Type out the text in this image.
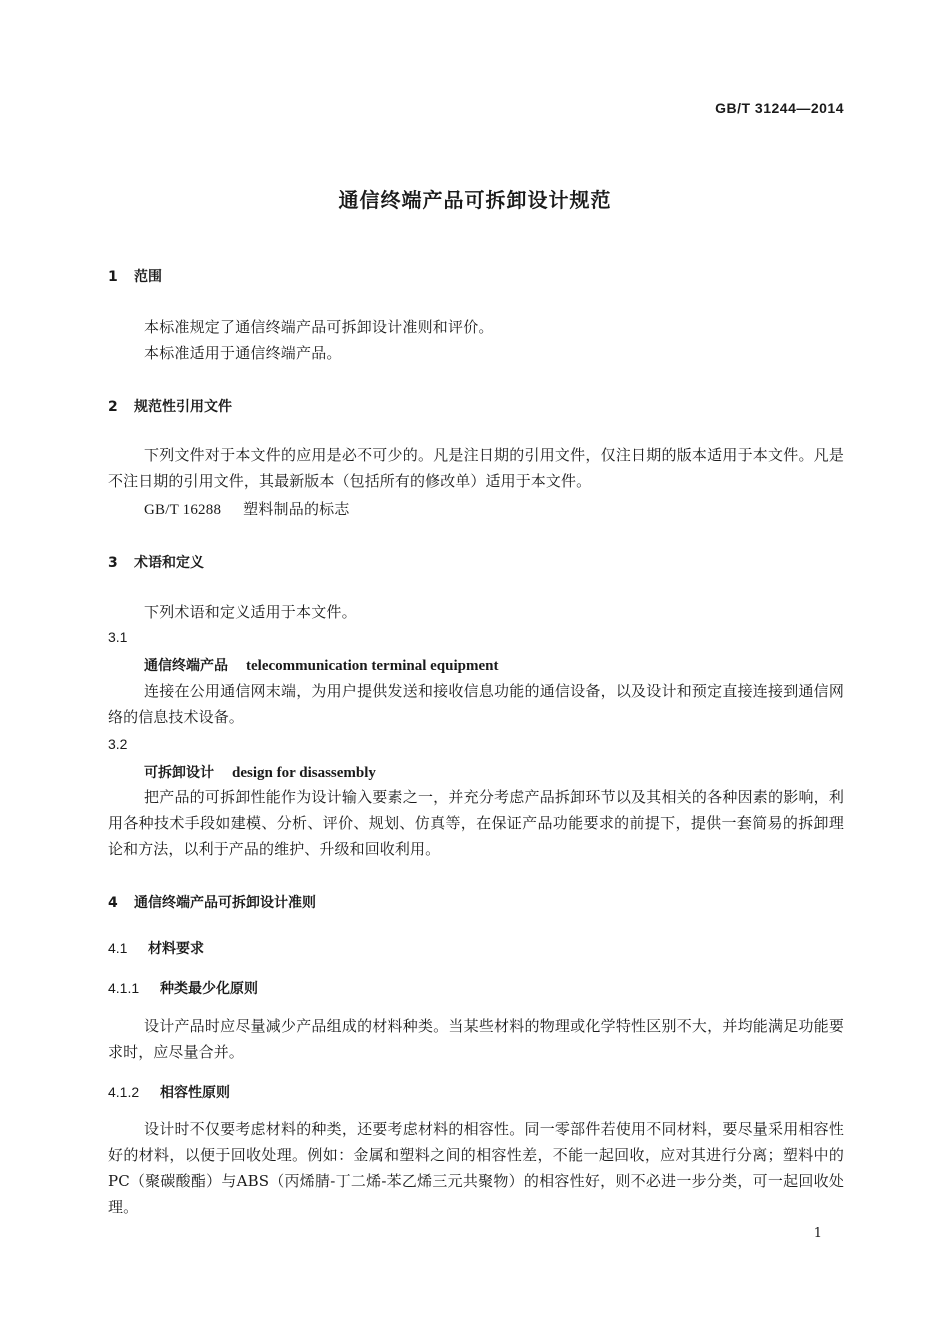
GB/T 31244—2014
通信终端产品可拆卸设计规范
1 范围
本标准规定了通信终端产品可拆卸设计准则和评价。
本标准适用于通信终端产品。
2 规范性引用文件
下列文件对于本文件的应用是必不可少的。凡是注日期的引用文件，仅注日期的版本适用于本文件。凡是不注日期的引用文件，其最新版本（包括所有的修改单）适用于本文件。
GB/T 16288 塑料制品的标志
3 术语和定义
下列术语和定义适用于本文件。
3.1
通信终端产品 telecommunication terminal equipment
连接在公用通信网末端，为用户提供发送和接收信息功能的通信设备，以及设计和预定直接连接到通信网络的信息技术设备。
3.2
可拆卸设计 design for disassembly
把产品的可拆卸性能作为设计输入要素之一，并充分考虑产品拆卸环节以及其相关的各种因素的影响，利用各种技术手段如建模、分析、评价、规划、仿真等，在保证产品功能要求的前提下，提供一套简易的拆卸理论和方法，以利于产品的维护、升级和回收利用。
4 通信终端产品可拆卸设计准则
4.1 材料要求
4.1.1 种类最少化原则
设计产品时应尽量减少产品组成的材料种类。当某些材料的物理或化学特性区别不大，并均能满足功能要求时，应尽量合并。
4.1.2 相容性原则
设计时不仅要考虑材料的种类，还要考虑材料的相容性。同一零部件若使用不同材料，要尽量采用相容性好的材料，以便于回收处理。例如：金属和塑料之间的相容性差，不能一起回收，应对其进行分离；塑料中的PC（聚碳酸酯）与ABS（丙烯腈-丁二烯-苯乙烯三元共聚物）的相容性好，则不必进一步分类，可一起回收处理。
1
